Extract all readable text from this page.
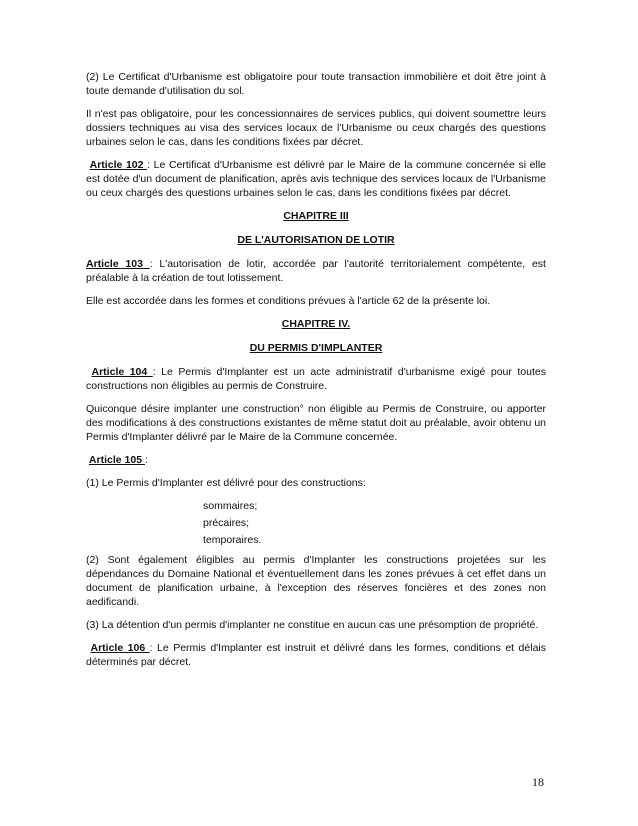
(2) Le Certificat d'Urbanisme est obligatoire pour toute transaction immobilière et doit être joint à toute demande d'utilisation du sol.

Il n'est pas obligatoire, pour les concessionnaires de services publics, qui doivent soumettre leurs dossiers techniques au visa des services locaux de l'Urbanisme ou ceux chargés des questions urbaines selon le cas, dans les conditions fixées par décret.

Article 102 : Le Certificat d'Urbanisme est délivré par le Maire de la commune concernée si elle est dotée d'un document de planification, après avis technique des services locaux de l'Urbanisme ou ceux chargés des questions urbaines selon le cas, dans les conditions fixées par décret.

CHAPITRE III
DE L'AUTORISATION DE LOTIR

Article 103 : L'autorisation de lotir, accordée par l'autorité territorialement compétente, est préalable à la création de tout lotissement.

Elle est accordée dans les formes et conditions prévues à l'article 62 de la présente loi.

CHAPITRE IV.
DU PERMIS D'IMPLANTER

Article 104 : Le Permis d'Implanter est un acte administratif d'urbanisme exigé pour toutes constructions non éligibles au permis de Construire.

Quiconque désire implanter une construction° non éligible au Permis de Construire, ou apporter des modifications à des constructions existantes de même statut doit au préalable, avoir obtenu un Permis d'Implanter délivré par le Maire de la Commune concernée.

Article 105 :

(1) Le Permis d'Implanter est délivré pour des constructions:

sommaires;
précaires;
temporaires.

(2) Sont également éligibles au permis d'Implanter les constructions projetées sur les dépendances du Domaine National et éventuellement dans les zones prévues à cet effet dans un document de planification urbaine, à l'exception des réserves foncières et des zones non aedificandi.

(3) La détention d'un permis d'implanter ne constitue en aucun cas une présomption de propriété.

Article 106 : Le Permis d'Implanter est instruit et délivré dans les formes, conditions et délais déterminés par décret.

18
